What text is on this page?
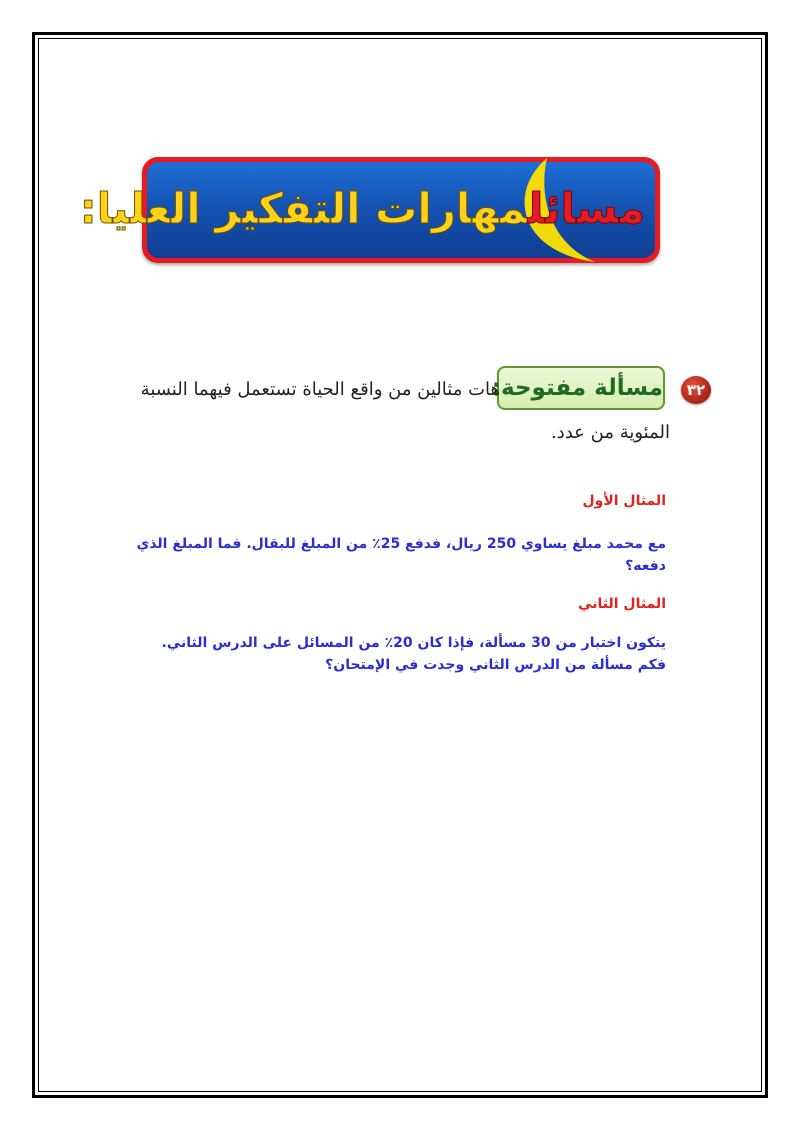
مسائلمهارات التفكير العليا:
٣٢
مسألة مفتوحة:
هات مثالين من واقع الحياة تستعمل فيهما النسبة
المئوية من عدد.
المثال الأول
مع محمد مبلغ يساوي 250 ريال، فدفع 25٪ من المبلغ للبقال. فما المبلغ الذي دفعه؟
المثال الثاني
يتكون اختبار من 30 مسألة، فإذا كان 20٪ من المسائل على الدرس الثاني. فكم مسألة من الدرس الثاني وجدت في الإمتحان؟
